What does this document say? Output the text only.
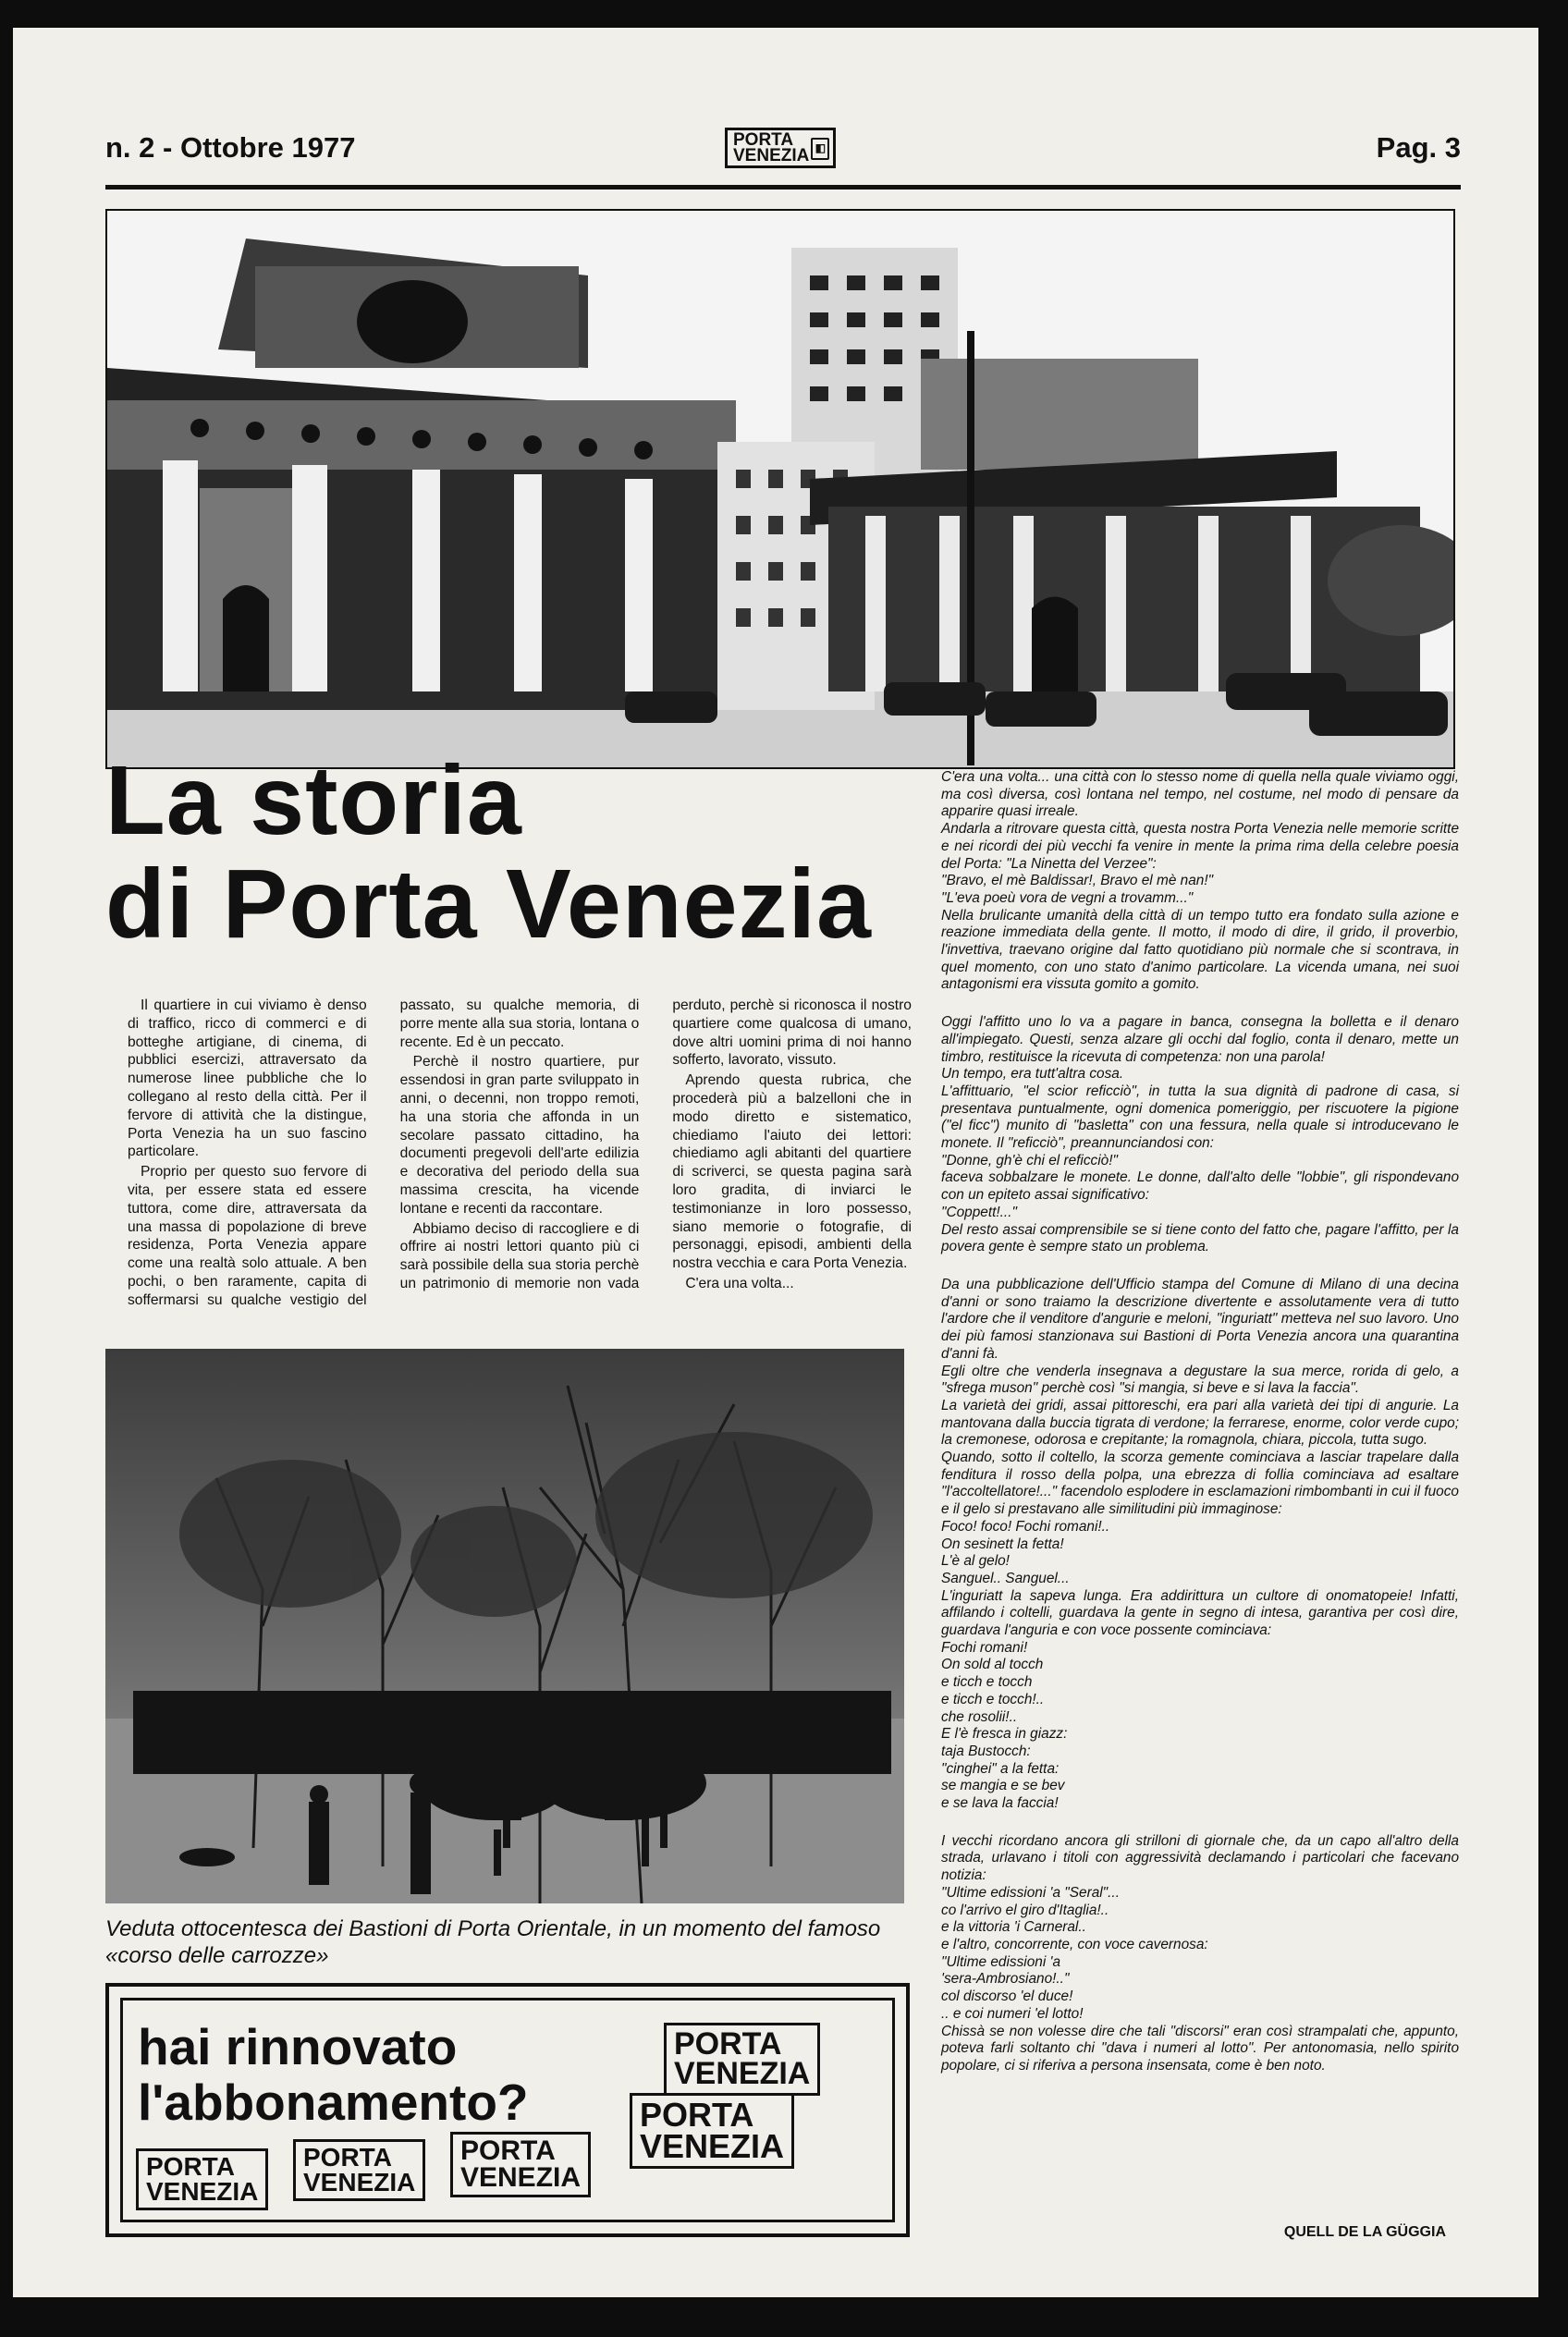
n. 2 - Ottobre 1977	PORTA
VENEZIA ◧	Pag. 3
La storia
di Porta Venezia

Il quartiere in cui viviamo è denso di traffico, ricco di commerci e di botteghe artigiane, di cinema, di pubblici esercizi, attraversato da numerose linee pubbliche che lo collegano al resto della città. Per il fervore di attività che la distingue, Porta Venezia ha un suo fascino particolare.

Proprio per questo suo fervore di vita, per essere stata ed essere tuttora, come dire, attraversata da una massa di popolazione di breve residenza, Porta Venezia appare come una realtà solo attuale. A ben pochi, o ben raramente, capita di soffermarsi su qualche vestigio del passato, su qualche memoria, di porre mente alla sua storia, lontana o recente. Ed è un peccato.

Perchè il nostro quartiere, pur essendosi in gran parte sviluppato in anni, o decenni, non troppo remoti, ha una storia che affonda in un secolare passato cittadino, ha documenti pregevoli dell'arte edilizia e decorativa del periodo della sua massima crescita, ha vicende lontane e recenti da raccontare.

Abbiamo deciso di raccogliere e di offrire ai nostri lettori quanto più ci sarà possibile della sua storia perchè un patrimonio di memorie non vada perduto, perchè si riconosca il nostro quartiere come qualcosa di umano, dove altri uomini prima di noi hanno sofferto, lavorato, vissuto.

Aprendo questa rubrica, che procederà più a balzelloni che in modo diretto e sistematico, chiediamo l'aiuto dei lettori: chiediamo agli abitanti del quartiere di scriverci, se questa pagina sarà loro gradita, di inviarci le testimonianze in loro possesso, siano memorie o fotografie, di personaggi, episodi, ambienti della nostra vecchia e cara Porta Venezia.

C'era una volta...

Veduta ottocentesca dei Bastioni di Porta Orientale, in un momento del famoso «corso delle carrozze»
hai rinnovato
l'abbonamento?
PORTA
VENEZIA
PORTA
VENEZIA
PORTA
VENEZIA
PORTA
VENEZIA
PORTA
VENEZIA

C'era una volta... una città con lo stesso nome di quella nella quale viviamo oggi, ma così diversa, così lontana nel tempo, nel costume, nel modo di pensare da apparire quasi irreale.

Andarla a ritrovare questa città, questa nostra Porta Venezia nelle memorie scritte e nei ricordi dei più vecchi fa venire in mente la prima rima della celebre poesia del Porta: "La Ninetta del Verzee":

"Bravo, el mè Baldissar!, Bravo el mè nan!"

"L'eva poeù vora de vegni a trovamm..."

Nella brulicante umanità della città di un tempo tutto era fondato sulla azione e reazione immediata della gente. Il motto, il modo di dire, il grido, il proverbio, l'invettiva, traevano origine dal fatto quotidiano più normale che si scontrava, in quel momento, con uno stato d'animo particolare. La vicenda umana, nei suoi antagonismi era vissuta gomito a gomito.

Oggi l'affitto uno lo va a pagare in banca, consegna la bolletta e il denaro all'impiegato. Questi, senza alzare gli occhi dal foglio, conta il denaro, mette un timbro, restituisce la ricevuta di competenza: non una parola!

Un tempo, era tutt'altra cosa.

L'affittuario, "el scior reficciò", in tutta la sua dignità di padrone di casa, si presentava puntualmente, ogni domenica pomeriggio, per riscuotere la pigione ("el ficc") munito di "basletta" con una fessura, nella quale si introducevano le monete. Il "reficciò", preannunciandosi con:

"Donne, gh'è chi el reficciò!"

faceva sobbalzare le monete. Le donne, dall'alto delle "lobbie", gli rispondevano con un epiteto assai significativo:

"Coppett!..."

Del resto assai comprensibile se si tiene conto del fatto che, pagare l'affitto, per la povera gente è sempre stato un problema.

Da una pubblicazione dell'Ufficio stampa del Comune di Milano di una decina d'anni or sono traiamo la descrizione divertente e assolutamente vera di tutto l'ardore che il venditore d'angurie e meloni, "inguriatt" metteva nel suo lavoro. Uno dei più famosi stanzionava sui Bastioni di Porta Venezia ancora una quarantina d'anni fà.

Egli oltre che venderla insegnava a degustare la sua merce, rorida di gelo, a "sfrega muson" perchè così "si mangia, si beve e si lava la faccia".

La varietà dei gridi, assai pittoreschi, era pari alla varietà dei tipi di angurie. La mantovana dalla buccia tigrata di verdone; la ferrarese, enorme, color verde cupo; la cremonese, odorosa e crepitante; la romagnola, chiara, piccola, tutta sugo.

Quando, sotto il coltello, la scorza gemente cominciava a lasciar trapelare dalla fenditura il rosso della polpa, una ebrezza di follia cominciava ad esaltare "l'accoltellatore!..." facendolo esplodere in esclamazioni rimbombanti in cui il fuoco e il gelo si prestavano alle similitudini più immaginose:

Foco! foco! Fochi romani!..

On sesinett la fetta!

L'è al gelo!

Sanguel.. Sanguel...

L'inguriatt la sapeva lunga. Era addirittura un cultore di onomatopeie! Infatti, affilando i coltelli, guardava la gente in segno di intesa, garantiva per così dire, guardava l'anguria e con voce possente cominciava:

Fochi romani!

On sold al tocch

e ticch e tocch

e ticch e tocch!..

che rosolii!..

E l'è fresca in giazz:

taja Bustocch:

"cinghei" a la fetta:

se mangia e se bev

e se lava la faccia!

I vecchi ricordano ancora gli strilloni di giornale che, da un capo all'altro della strada, urlavano i titoli con aggressività declamando i particolari che facevano notizia:

"Ultime edissioni 'a "Seral"...

co l'arrivo el giro d'Itaglia!..

e la vittoria 'i Carneral..

e l'altro, concorrente, con voce cavernosa:

"Ultime edissioni 'a

'sera-Ambrosiano!.."

col discorso 'el duce!

.. e coi numeri 'el lotto!

Chissà se non volesse dire che tali "discorsi" eran così strampalati che, appunto, poteva farli soltanto chi "dava i numeri al lotto". Per antonomasia, nello spirito popolare, ci si riferiva a persona insensata, come è ben noto.

QUELL DE LA GÜGGIA
